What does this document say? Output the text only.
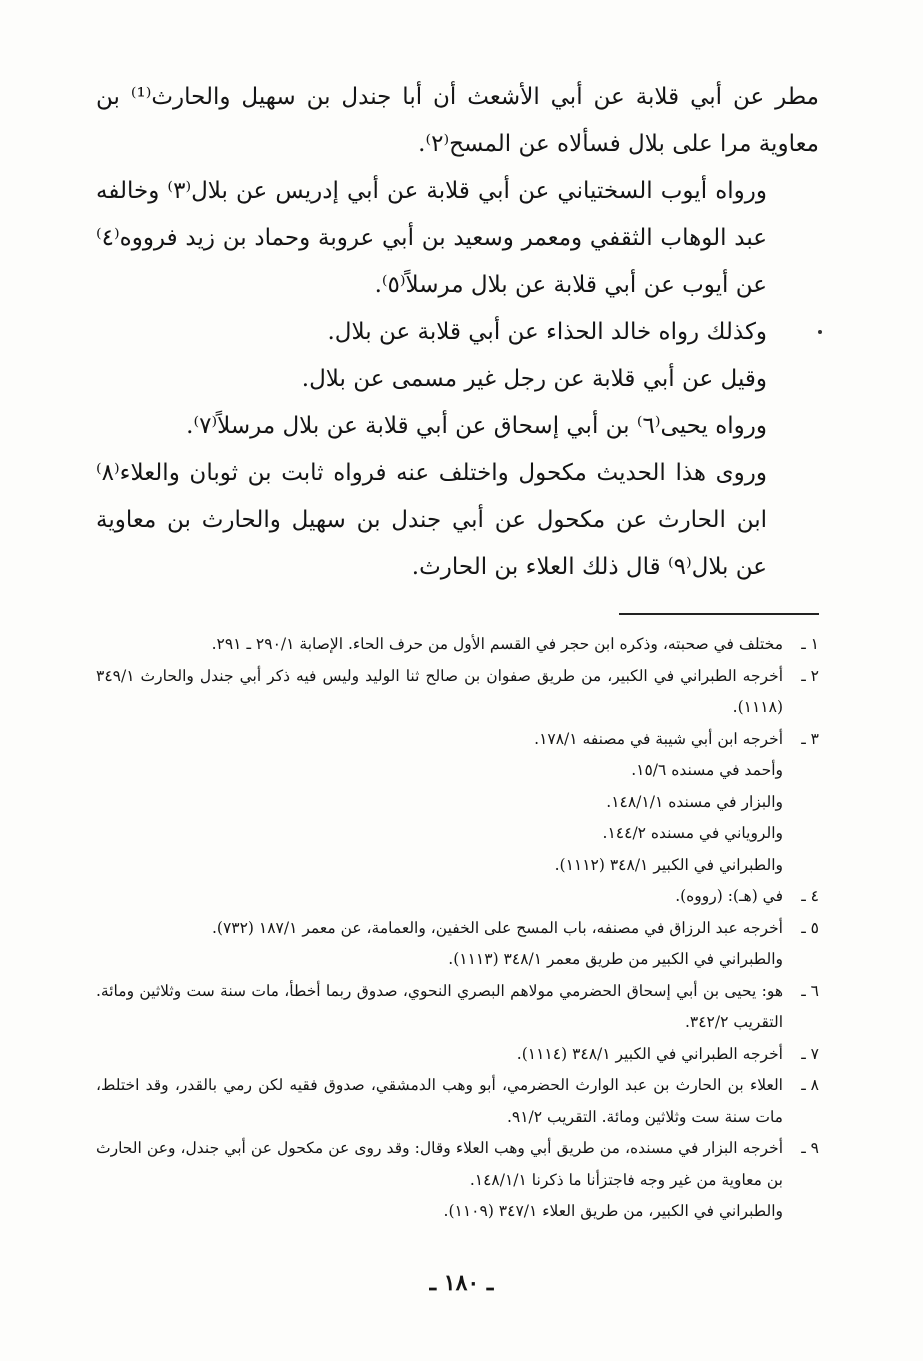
مطر عن أبي قلابة عن أبي الأشعث أن أبا جندل بن سهيل والحارث⁽¹⁾ بن معاوية مرا على بلال فسألاه عن المسح⁽٢⁾.

ورواه أيوب السختياني عن أبي قلابة عن أبي إدريس عن بلال⁽٣⁾ وخالفه عبد الوهاب الثقفي ومعمر وسعيد بن أبي عروبة وحماد بن زيد فرووه⁽٤⁾ عن أيوب عن أبي قلابة عن بلال مرسلاً⁽٥⁾.

وكذلك رواه خالد الحذاء عن أبي قلابة عن بلال.

وقيل عن أبي قلابة عن رجل غير مسمى عن بلال.

ورواه يحيى⁽٦⁾ بن أبي إسحاق عن أبي قلابة عن بلال مرسلاً⁽٧⁾.

وروى هذا الحديث مكحول واختلف عنه فرواه ثابت بن ثوبان والعلاء⁽٨⁾ ابن الحارث عن مكحول عن أبي جندل بن سهيل والحارث بن معاوية عن بلال⁽٩⁾ قال ذلك العلاء بن الحارث.

١ ـ
مختلف في صحبته، وذكره ابن حجر في القسم الأول من حرف الحاء. الإصابة ٢٩٠/١ ـ ٢٩١.
٢ ـ
أخرجه الطبراني في الكبير، من طريق صفوان بن صالح ثنا الوليد وليس فيه ذكر أبي جندل والحارث ٣٤٩/١ (١١١٨).
٣ ـ
أخرجه ابن أبي شيبة في مصنفه ١٧٨/١.
وأحمد في مسنده ١٥/٦.
والبزار في مسنده ١٤٨/١/١.
والروياني في مسنده ١٤٤/٢.
والطبراني في الكبير ٣٤٨/١ (١١١٢).
٤ ـ
في (هـ): (رووه).
٥ ـ
أخرجه عبد الرزاق في مصنفه، باب المسح على الخفين، والعمامة، عن معمر ١٨٧/١ (٧٣٢).
والطبراني في الكبير من طريق معمر ٣٤٨/١ (١١١٣).
٦ ـ
هو: يحيى بن أبي إسحاق الحضرمي مولاهم البصري النحوي، صدوق ربما أخطأ، مات سنة ست وثلاثين ومائة. التقريب ٣٤٢/٢.
٧ ـ
أخرجه الطبراني في الكبير ٣٤٨/١ (١١١٤).
٨ ـ
العلاء بن الحارث بن عبد الوارث الحضرمي، أبو وهب الدمشقي، صدوق فقيه لكن رمي بالقدر، وقد اختلط، مات سنة ست وثلاثين ومائة. التقريب ٩١/٢.
٩ ـ
أخرجه البزار في مسنده، من طريق أبي وهب العلاء وقال: وقد روى عن مكحول عن أبي جندل، وعن الحارث بن معاوية من غير وجه فاجتزأنا ما ذكرنا ١٤٨/١/١.
والطبراني في الكبير، من طريق العلاء ٣٤٧/١ (١١٠٩).
ـ ١٨٠ ـ
